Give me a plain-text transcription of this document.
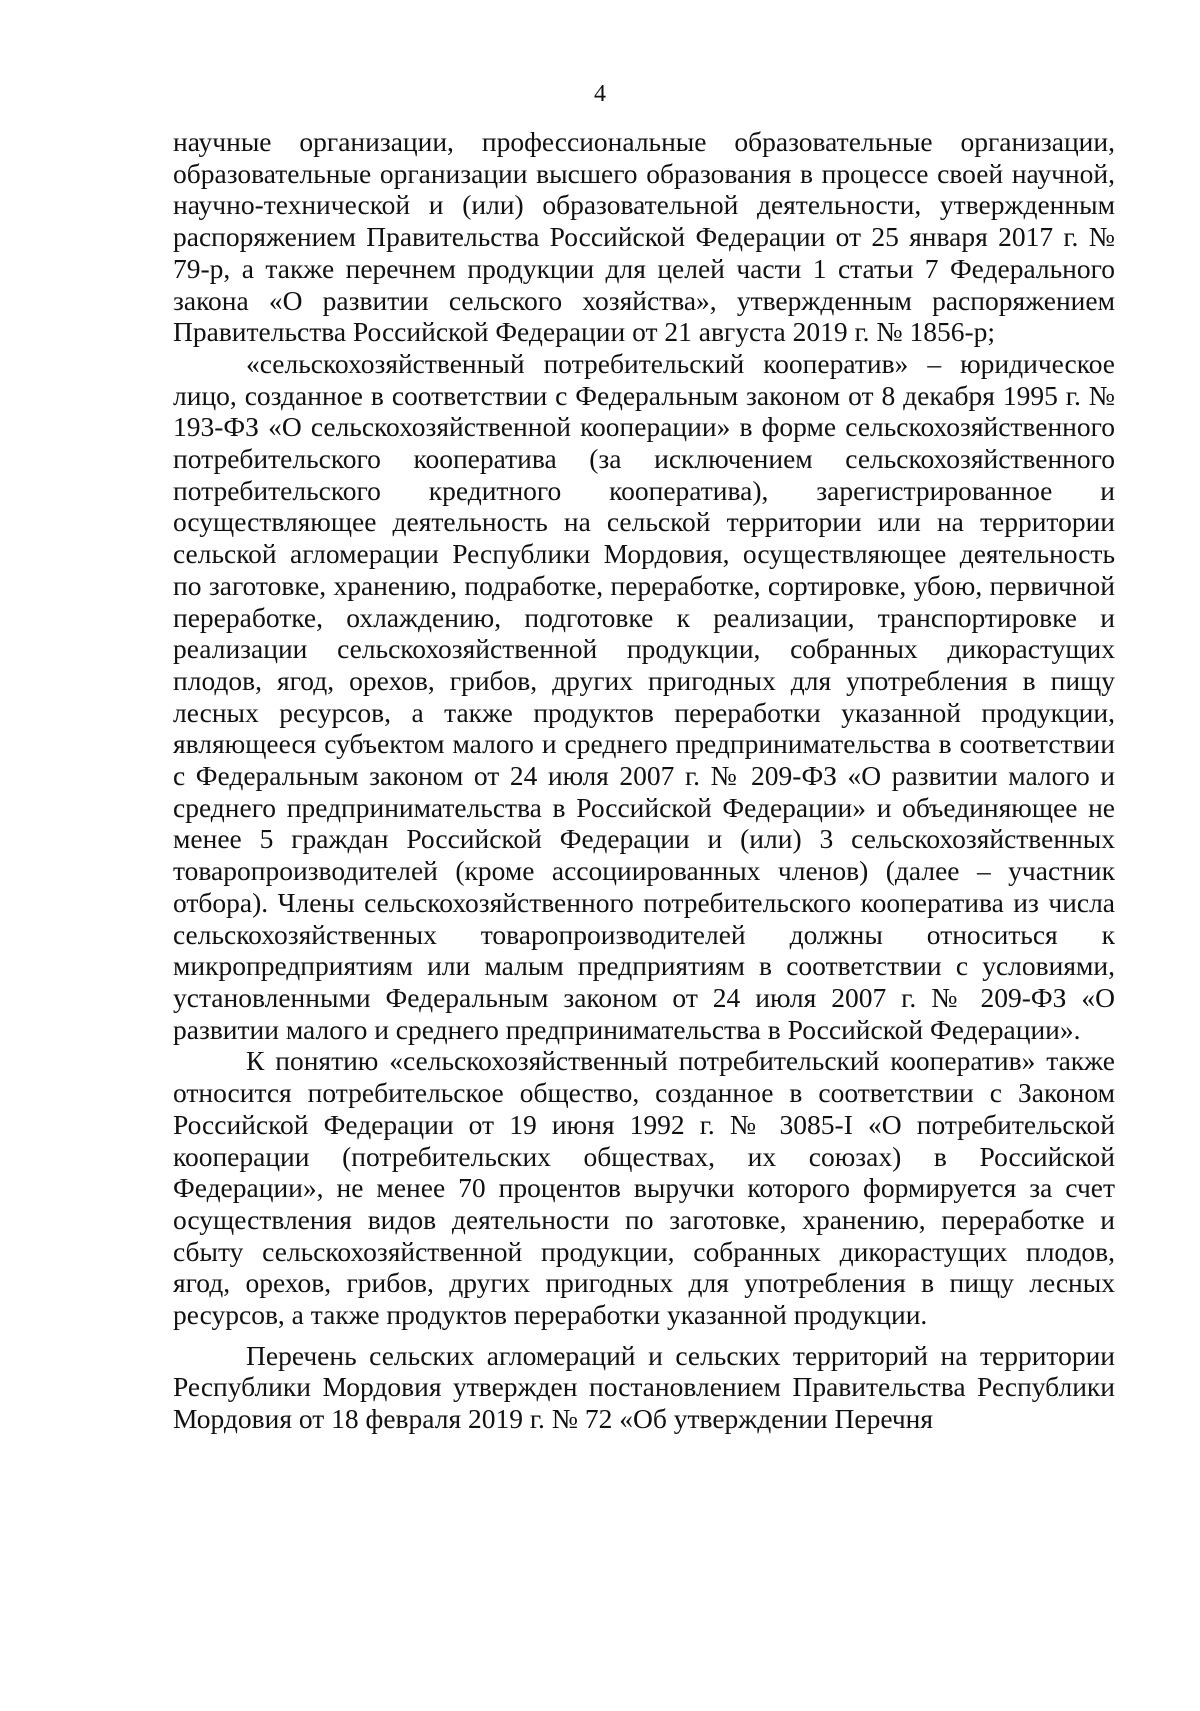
4

научные организации, профессиональные образовательные организации, образовательные организации высшего образования в процессе своей научной, научно-технической и (или) образовательной деятельности, утвержденным распоряжением Правительства Российской Федерации от 25 января 2017 г. № 79-р, а также перечнем продукции для целей части 1 статьи 7 Федерального закона «О развитии сельского хозяйства», утвержденным распоряжением Правительства Российской Федерации от 21 августа 2019 г. № 1856-р;

«сельскохозяйственный потребительский кооператив» – юридическое лицо, созданное в соответствии с Федеральным законом от 8 декабря 1995 г. № 193-ФЗ «О сельскохозяйственной кооперации» в форме сельскохозяйственного потребительского кооператива (за исключением сельскохозяйственного потребительского кредитного кооператива), зарегистрированное и осуществляющее деятельность на сельской территории или на территории сельской агломерации Республики Мордовия, осуществляющее деятельность по заготовке, хранению, подработке, переработке, сортировке, убою, первичной переработке, охлаждению, подготовке к реализации, транспортировке и реализации сельскохозяйственной продукции, собранных дикорастущих плодов, ягод, орехов, грибов, других пригодных для употребления в пищу лесных ресурсов, а также продуктов переработки указанной продукции, являющееся субъектом малого и среднего предпринимательства в соответствии с Федеральным законом от 24 июля 2007 г. № 209-ФЗ «О развитии малого и среднего предпринимательства в Российской Федерации» и объединяющее не менее 5 граждан Российской Федерации и (или) 3 сельскохозяйственных товаропроизводителей (кроме ассоциированных членов) (далее – участник отбора). Члены сельскохозяйственного потребительского кооператива из числа сельскохозяйственных товаропроизводителей должны относиться к микропредприятиям или малым предприятиям в соответствии с условиями, установленными Федеральным законом от 24 июля 2007 г. № 209-ФЗ «О развитии малого и среднего предпринимательства в Российской Федерации».

К понятию «сельскохозяйственный потребительский кооператив» также относится потребительское общество, созданное в соответствии с Законом Российской Федерации от 19 июня 1992 г. № 3085-I «О потребительской кооперации (потребительских обществах, их союзах) в Российской Федерации», не менее 70 процентов выручки которого формируется за счет осуществления видов деятельности по заготовке, хранению, переработке и сбыту сельскохозяйственной продукции, собранных дикорастущих плодов, ягод, орехов, грибов, других пригодных для употребления в пищу лесных ресурсов, а также продуктов переработки указанной продукции.

Перечень сельских агломераций и сельских территорий на территории Республики Мордовия утвержден постановлением Правительства Республики Мордовия от 18 февраля 2019 г. № 72 «Об утверждении Перечня
